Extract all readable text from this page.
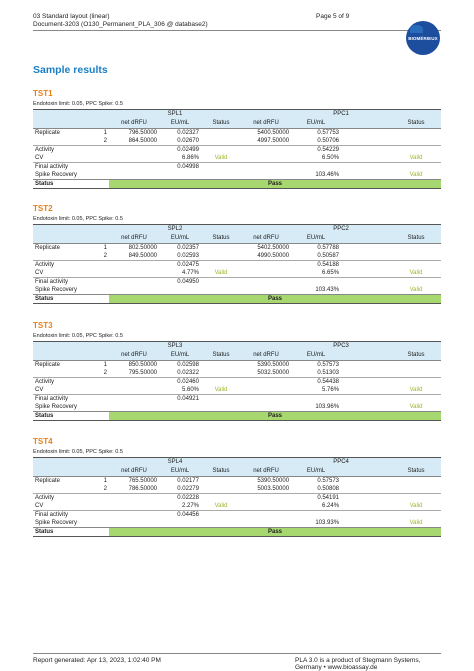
03 Standard layout (linear)
Document-3203 (O130_Permanent_PLA_306 @ database2)
Page 5 of 9
BIOMÉRIEUX
Sample results
TST1
Endotoxin limit: 0.05, PPC Spike: 0.5
		SPL1			PPC1			
		net dRFU	EU/mL	Status	net dRFU	EU/mL		Status
Replicate	1	796.50000	0.02327		5400.50000	0.57753		
	2	864.50000	0.02670		4997.50000	0.50706		
Activity			0.02499			0.54229		
CV			6.86%	Valid		6.50%		Valid
Final activity			0.04998					
Spike Recovery						103.46%		Valid
Status		Pass						
TST2
Endotoxin limit: 0.05, PPC Spike: 0.5
		SPL2			PPC2			
		net dRFU	EU/mL	Status	net dRFU	EU/mL		Status
Replicate	1	802.50000	0.02357		5402.50000	0.57788		
	2	849.50000	0.02593		4990.50000	0.50587		
Activity			0.02475			0.54188		
CV			4.77%	Valid		6.65%		Valid
Final activity			0.04950					
Spike Recovery						103.43%		Valid
Status		Pass						
TST3
Endotoxin limit: 0.05, PPC Spike: 0.5
		SPL3			PPC3			
		net dRFU	EU/mL	Status	net dRFU	EU/mL		Status
Replicate	1	850.50000	0.02598		5390.50000	0.57573		
	2	795.50000	0.02322		5032.50000	0.51303		
Activity			0.02460			0.54438		
CV			5.60%	Valid		5.76%		Valid
Final activity			0.04921					
Spike Recovery						103.96%		Valid
Status		Pass						
TST4
Endotoxin limit: 0.05, PPC Spike: 0.5
		SPL4			PPC4			
		net dRFU	EU/mL	Status	net dRFU	EU/mL		Status
Replicate	1	765.50000	0.02177		5390.50000	0.57573		
	2	786.50000	0.02279		5003.50000	0.50808		
Activity			0.02228			0.54191		
CV			2.27%	Valid		6.24%		Valid
Final activity			0.04456					
Spike Recovery						103.93%		Valid
Status		Pass						
Report generated: Apr 13, 2023, 1:02:40 PM	PLA 3.0 is a product of Stegmann Systems, Germany • www.bioassay.de
